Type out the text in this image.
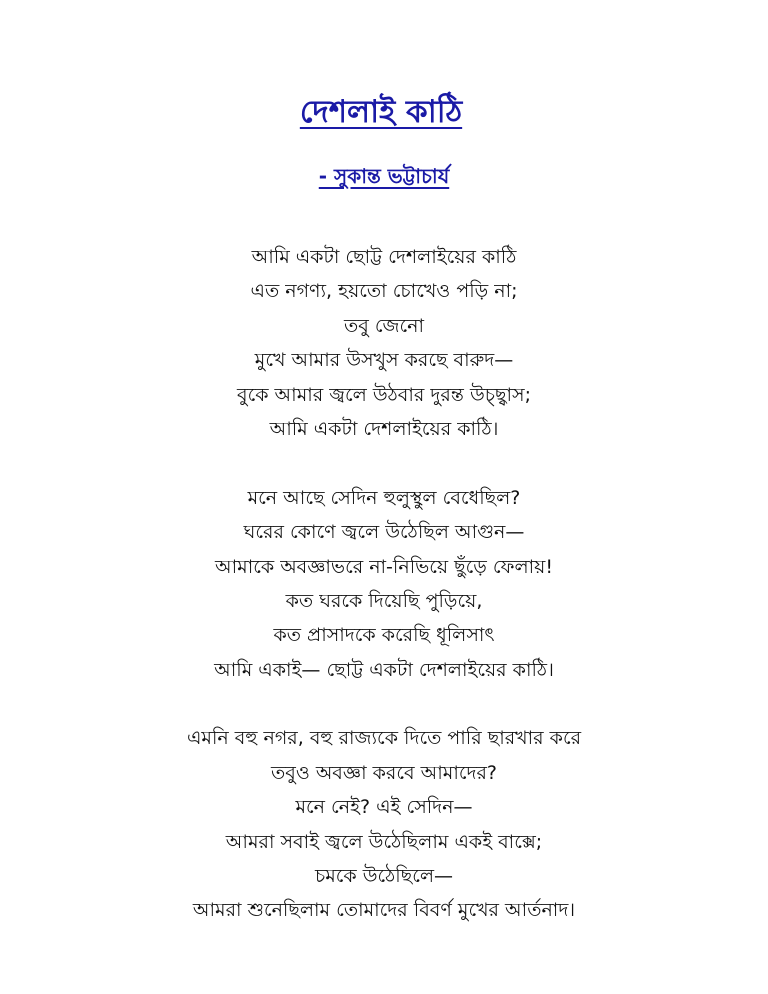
দেশলাই কাঠি
- সুকান্ত ভট্টাচার্য
আমি একটা ছোট্ট দেশলাইয়ের কাঠি
এত নগণ্য, হয়তো চোখেও পড়ি না;
তবু জেনো
মুখে আমার উসখুস করছে বারুদ—
বুকে আমার জ্বলে উঠবার দুরন্ত উচ্ছ্বাস;
আমি একটা দেশলাইয়ের কাঠি।
মনে আছে সেদিন হুলুস্থুল বেধেছিল?
ঘরের কোণে জ্বলে উঠেছিল আগুন—
আমাকে অবজ্ঞাভরে না-নিভিয়ে ছুঁড়ে ফেলায়!
কত ঘরকে দিয়েছি পুড়িয়ে,
কত প্রাসাদকে করেছি ধূলিসাৎ
আমি একাই— ছোট্ট একটা দেশলাইয়ের কাঠি।
এমনি বহু নগর, বহু রাজ্যকে দিতে পারি ছারখার করে
তবুও অবজ্ঞা করবে আমাদের?
মনে নেই? এই সেদিন—
আমরা সবাই জ্বলে উঠেছিলাম একই বাক্সে;
চমকে উঠেছিলে—
আমরা শুনেছিলাম তোমাদের বিবর্ণ মুখের আর্তনাদ।
